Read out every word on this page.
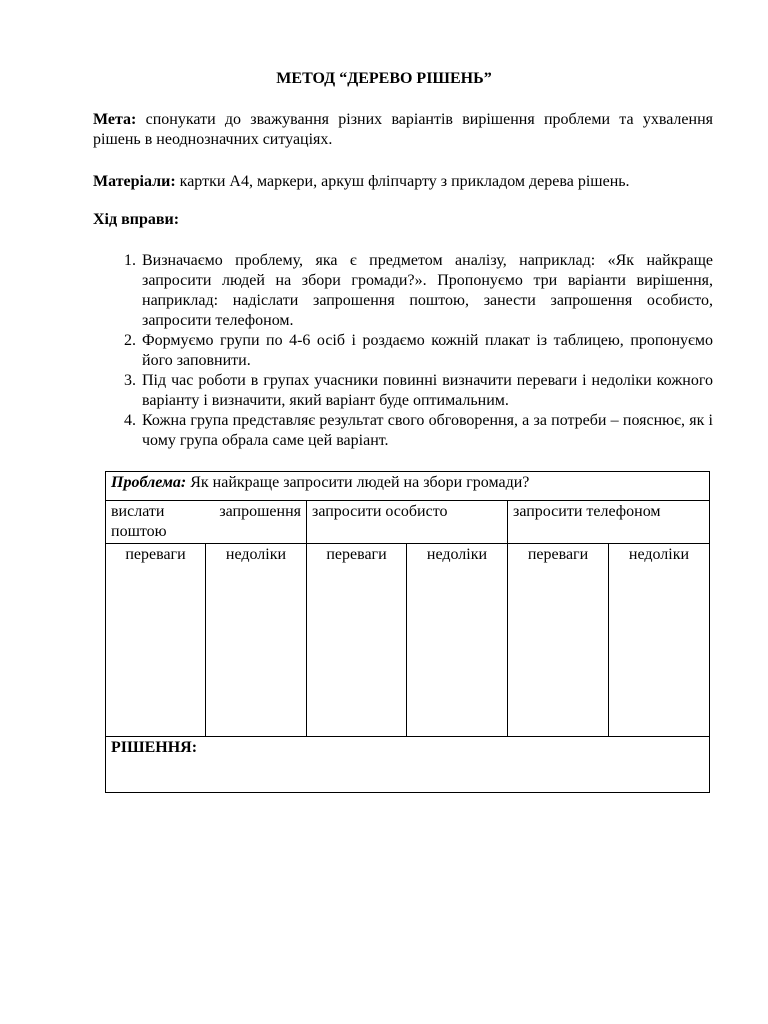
МЕТОД “ДЕРЕВО РІШЕНЬ”
Мета: спонукати до зважування різних варіантів вирішення проблеми та ухвалення рішень в неоднозначних ситуаціях.
Матеріали: картки А4, маркери, аркуш фліпчарту з прикладом дерева рішень.
Хід вправи:
1. Визначаємо проблему, яка є предметом аналізу, наприклад: «Як найкраще запросити людей на збори громади?». Пропонуємо три варіанти вирішення, наприклад: надіслати запрошення поштою, занести запрошення особисто, запросити телефоном.
2. Формуємо групи по 4-6 осіб і роздаємо кожній плакат із таблицею, пропонуємо його заповнити.
3. Під час роботи в групах учасники повинні визначити переваги і недоліки кожного варіанту і визначити, який варіант буде оптимальним.
4. Кожна група представляє результат свого обговорення, а за потреби – пояснює, як і чому група обрала саме цей варіант.
Проблема: Як найкраще запросити людей на збори громади?					

вислати запрошення
поштою		запросити особисто		запросити телефоном	

переваги	недоліки	переваги	недоліки	переваги	недоліки
РІШЕННЯ:					
